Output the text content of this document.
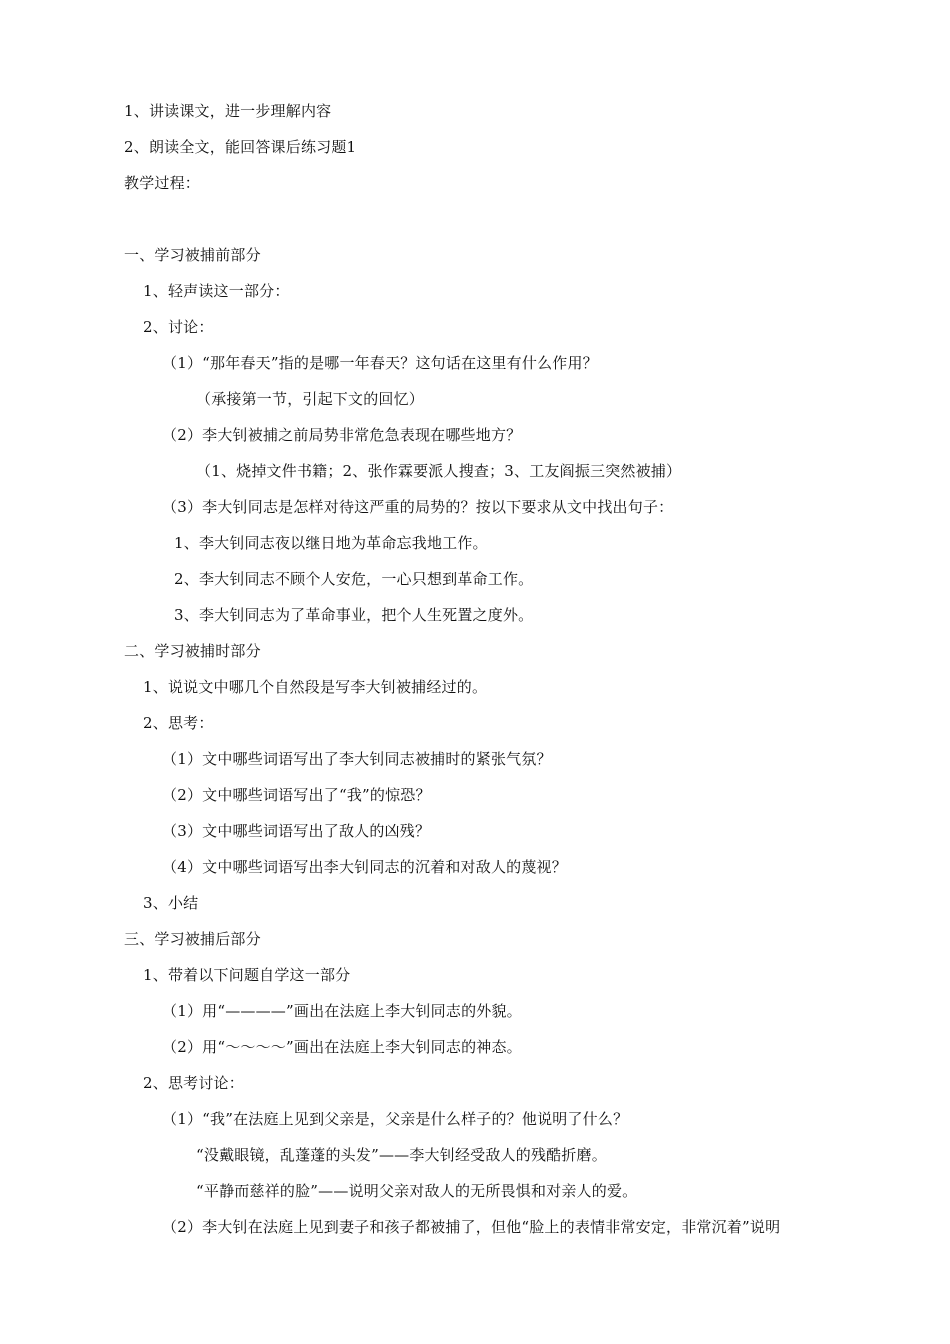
1、讲读课文，进一步理解内容
2、朗读全文，能回答课后练习题1
教学过程：
一、学习被捕前部分
1、轻声读这一部分：
2、讨论：
（1）“那年春天”指的是哪一年春天？这句话在这里有什么作用？
（承接第一节，引起下文的回忆）
（2）李大钊被捕之前局势非常危急表现在哪些地方？
（1、烧掉文件书籍；2、张作霖要派人搜查；3、工友阎振三突然被捕）
（3）李大钊同志是怎样对待这严重的局势的？按以下要求从文中找出句子：
1、李大钊同志夜以继日地为革命忘我地工作。
2、李大钊同志不顾个人安危，一心只想到革命工作。
3、李大钊同志为了革命事业，把个人生死置之度外。
二、学习被捕时部分
1、说说文中哪几个自然段是写李大钊被捕经过的。
2、思考：
（1）文中哪些词语写出了李大钊同志被捕时的紧张气氛？
（2）文中哪些词语写出了“我”的惊恐？
（3）文中哪些词语写出了敌人的凶残？
（4）文中哪些词语写出李大钊同志的沉着和对敌人的蔑视？
3、小结
三、学习被捕后部分
1、带着以下问题自学这一部分
（1）用“————”画出在法庭上李大钊同志的外貌。
（2）用“～～～～”画出在法庭上李大钊同志的神态。
2、思考讨论：
（1）“我”在法庭上见到父亲是，父亲是什么样子的？他说明了什么？
“没戴眼镜，乱蓬蓬的头发”——李大钊经受敌人的残酷折磨。
“平静而慈祥的脸”——说明父亲对敌人的无所畏惧和对亲人的爱。
（2）李大钊在法庭上见到妻子和孩子都被捕了，但他“脸上的表情非常安定，非常沉着”说明
